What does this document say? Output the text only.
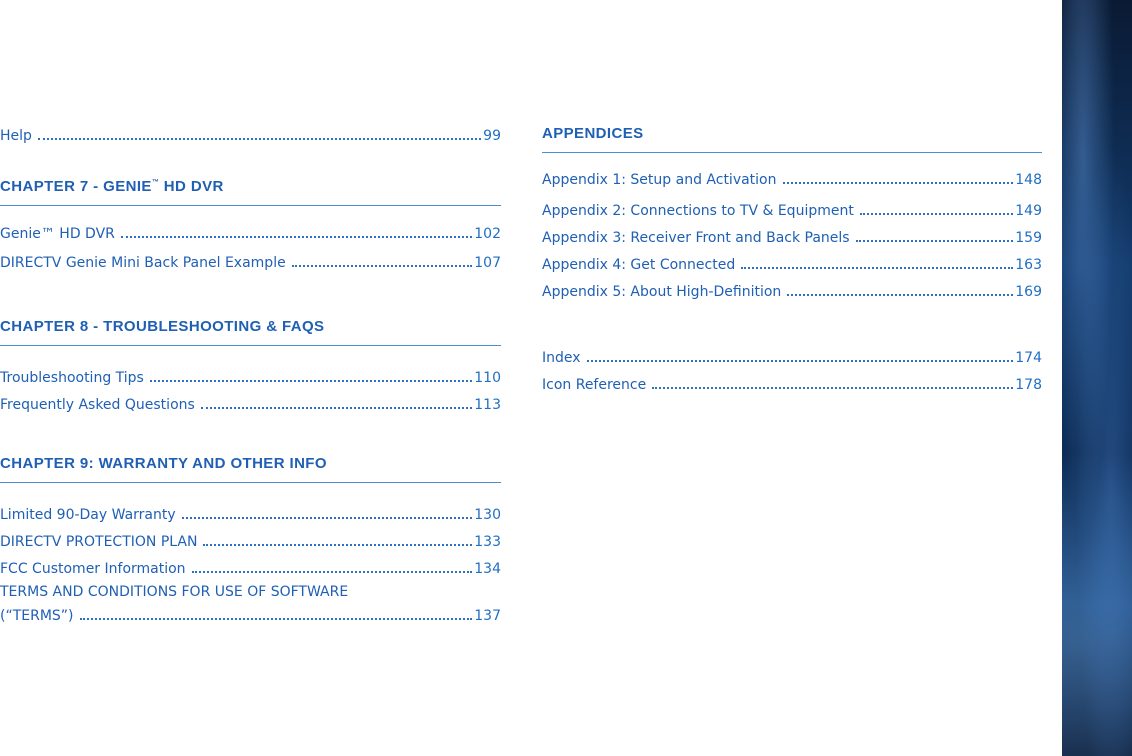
Help	99
CHAPTER 7 - GENIE™ HD DVR
Genie™ HD DVR	102
DIRECTV Genie Mini Back Panel Example	107
CHAPTER 8 - TROUBLESHOOTING & FAQS
Troubleshooting Tips	110
Frequently Asked Questions	113
CHAPTER 9: WARRANTY AND OTHER INFO
Limited 90-Day Warranty	130
DIRECTV PROTECTION PLAN	133
FCC Customer Information	134
TERMS AND CONDITIONS FOR USE OF SOFTWARE
(“TERMS”)	137
APPENDICES
Appendix 1: Setup and Activation	148
Appendix 2: Connections to TV & Equipment	149
Appendix 3: Receiver Front and Back Panels	159
Appendix 4: Get Connected	163
Appendix 5: About High-Definition	169
Index	174
Icon Reference	178
